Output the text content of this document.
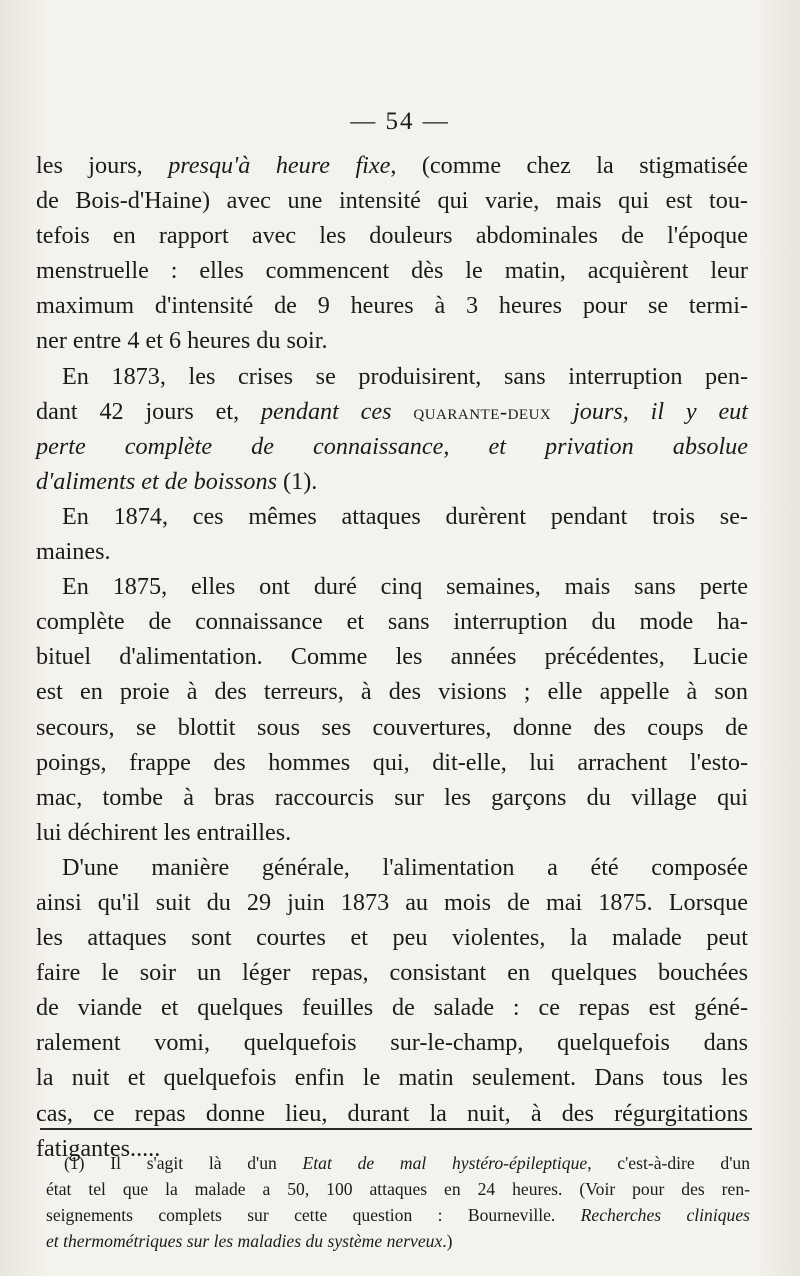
— 54 —
les jours, presqu'à heure fixe, (comme chez la stigmatisée
de Bois-d'Haine) avec une intensité qui varie, mais qui est tou-
tefois en rapport avec les douleurs abdominales de l'époque
menstruelle : elles commencent dès le matin, acquièrent leur
maximum d'intensité de 9 heures à 3 heures pour se termi-
ner entre 4 et 6 heures du soir.
En 1873, les crises se produisirent, sans interruption pen-
dant 42 jours et, pendant ces quarante-deux jours, il y eut
perte complète de connaissance, et privation absolue
d'aliments et de boissons (1).
En 1874, ces mêmes attaques durèrent pendant trois se-
maines.
En 1875, elles ont duré cinq semaines, mais sans perte
complète de connaissance et sans interruption du mode ha-
bituel d'alimentation. Comme les années précédentes, Lucie
est en proie à des terreurs, à des visions ; elle appelle à son
secours, se blottit sous ses couvertures, donne des coups de
poings, frappe des hommes qui, dit-elle, lui arrachent l'esto-
mac, tombe à bras raccourcis sur les garçons du village qui
lui déchirent les entrailles.
D'une manière générale, l'alimentation a été composée
ainsi qu'il suit du 29 juin 1873 au mois de mai 1875. Lorsque
les attaques sont courtes et peu violentes, la malade peut
faire le soir un léger repas, consistant en quelques bouchées
de viande et quelques feuilles de salade : ce repas est géné-
ralement vomi, quelquefois sur-le-champ, quelquefois dans
la nuit et quelquefois enfin le matin seulement. Dans tous les
cas, ce repas donne lieu, durant la nuit, à des régurgitations
fatigantes.....
(1) Il s'agit là d'un Etat de mal hystéro-épileptique, c'est-à-dire d'un
état tel que la malade a 50, 100 attaques en 24 heures. (Voir pour des ren-
seignements complets sur cette question : Bourneville. Recherches cliniques
et thermométriques sur les maladies du système nerveux.)
